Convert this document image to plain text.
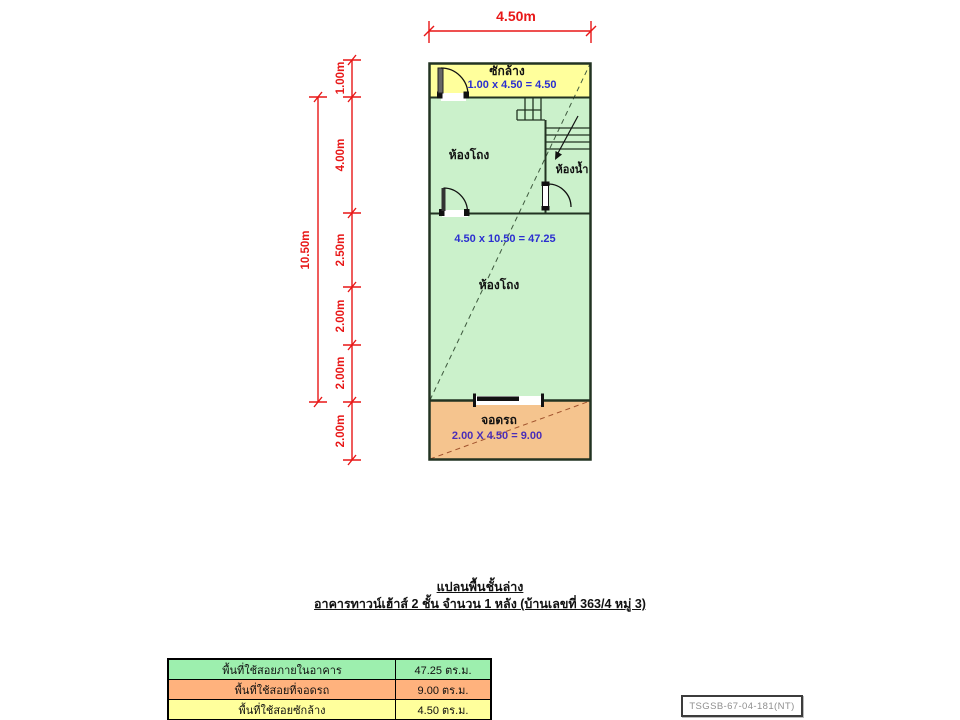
4.50m
10.50m
1.00m
4.00m
2.50m
2.00m
2.00m
2.00m
ซักล้าง
1.00 x 4.50 = 4.50
ห้องโถง
ห้องน้ำ
4.50 x 10.50 = 47.25
ห้องโถง
จอดรถ
2.00 X 4.50 = 9.00
แปลนพื้นชั้นล่าง
อาคารทาวน์เฮ้าส์ 2 ชั้น จำนวน 1 หลัง (บ้านเลขที่ 363/4 หมู่ 3)
พื้นที่ใช้สอยภายในอาคาร	47.25 ตร.ม.
พื้นที่ใช้สอยที่จอดรถ	9.00 ตร.ม.
พื้นที่ใช้สอยซักล้าง	4.50 ตร.ม.	TSGSB-67-04-181(NT)
